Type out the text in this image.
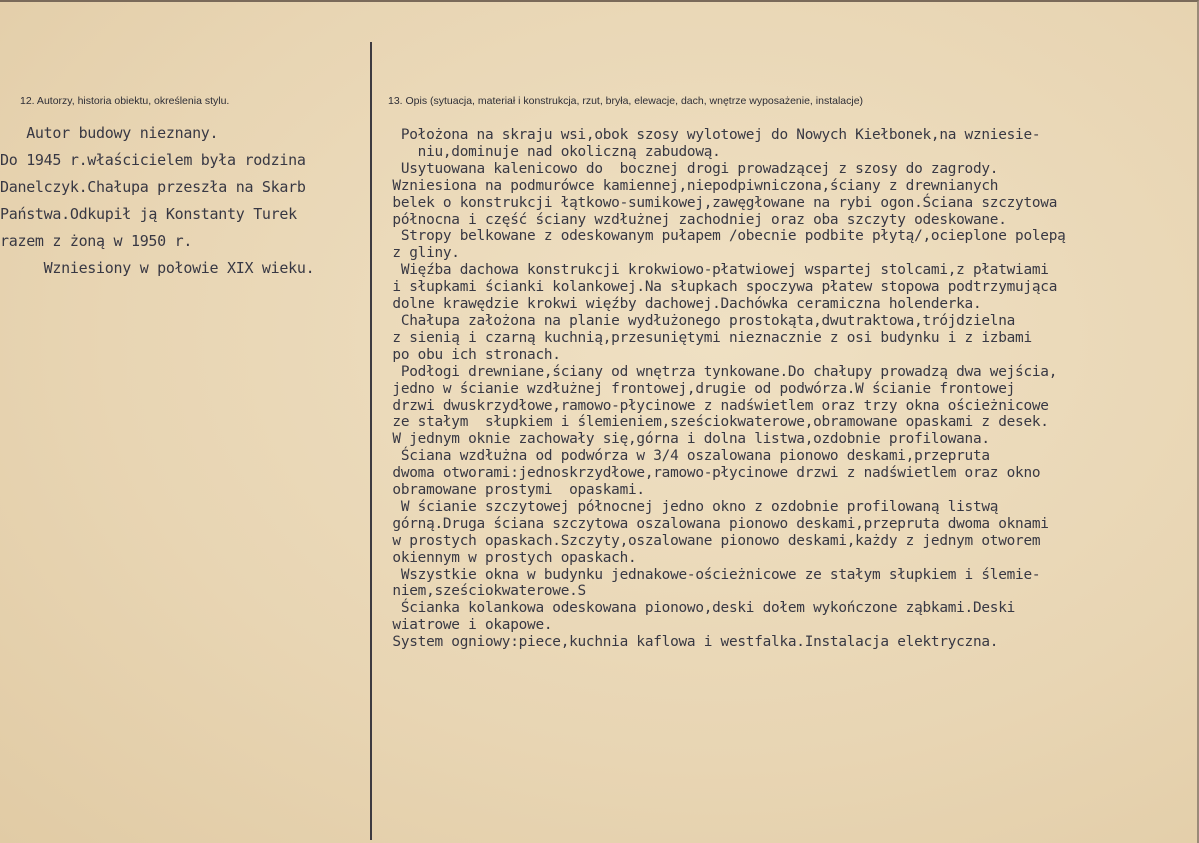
12. Autorzy, historia obiektu, określenia stylu.	13. Opis (sytuacja, materiał i konstrukcja, rzut, bryła, elewacje, dach, wnętrze wyposażenie, instalacje)
Autor budowy nieznany.
Do 1945 r.właścicielem była rodzina
Danelczyk.Chałupa przeszła na Skarb
Państwa.Odkupił ją Konstanty Turek
razem z żoną w 1950 r.
Wzniesiony w połowie XIX wieku.
Położona na skraju wsi,obok szosy wylotowej do Nowych Kiełbonek,na wzniesie-
niu,dominuje nad okoliczną zabudową.
Usytuowana kalenicowo do  bocznej drogi prowadzącej z szosy do zagrody.
Wzniesiona na podmurówce kamiennej,niepodpiwniczona,ściany z drewnianych
belek o konstrukcji łątkowo-sumikowej,zawęgłowane na rybi ogon.Ściana szczytowa
północna i część ściany wzdłużnej zachodniej oraz oba szczyty odeskowane.
Stropy belkowane z odeskowanym pułapem /obecnie podbite płytą/,ocieplone polepą
z gliny.
Więźba dachowa konstrukcji krokwiowo-płatwiowej wspartej stolcami,z płatwiami
i słupkami ścianki kolankowej.Na słupkach spoczywa płatew stopowa podtrzymująca
dolne krawędzie krokwi więźby dachowej.Dachówka ceramiczna holenderka.
Chałupa założona na planie wydłużonego prostokąta,dwutraktowa,trójdzielna
z sienią i czarną kuchnią,przesuniętymi nieznacznie z osi budynku i z izbami
po obu ich stronach.
Podłogi drewniane,ściany od wnętrza tynkowane.Do chałupy prowadzą dwa wejścia,
jedno w ścianie wzdłużnej frontowej,drugie od podwórza.W ścianie frontowej
drzwi dwuskrzydłowe,ramowo-płycinowe z nadświetlem oraz trzy okna ościeżnicowe
ze stałym  słupkiem i ślemieniem,sześciokwaterowe,obramowane opaskami z desek.
W jednym oknie zachowały się,górna i dolna listwa,ozdobnie profilowana.
Ściana wzdłużna od podwórza w 3/4 oszalowana pionowo deskami,przepruta
dwoma otworami:jednoskrzydłowe,ramowo-płycinowe drzwi z nadświetlem oraz okno
obramowane prostymi  opaskami.
W ścianie szczytowej północnej jedno okno z ozdobnie profilowaną listwą
górną.Druga ściana szczytowa oszalowana pionowo deskami,przepruta dwoma oknami
w prostych opaskach.Szczyty,oszalowane pionowo deskami,każdy z jednym otworem
okiennym w prostych opaskach.
Wszystkie okna w budynku jednakowe-ościeżnicowe ze stałym słupkiem i ślemie-
niem,sześciokwaterowe.S
Ścianka kolankowa odeskowana pionowo,deski dołem wykończone ząbkami.Deski
wiatrowe i okapowe.
System ogniowy:piece,kuchnia kaflowa i westfalka.Instalacja elektryczna.
